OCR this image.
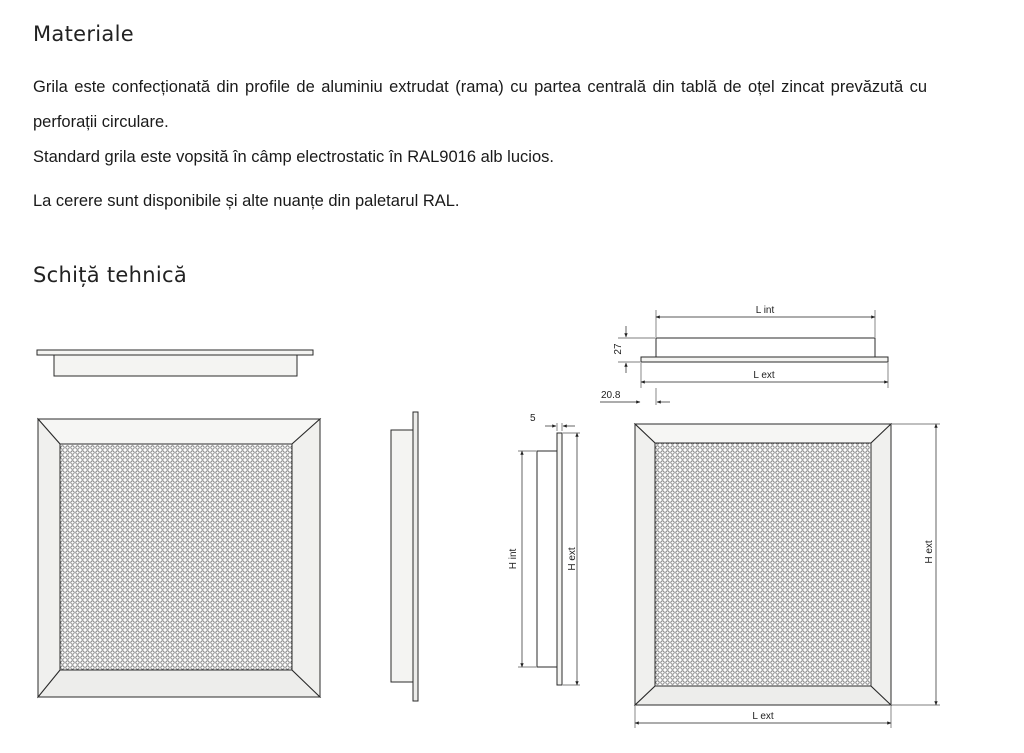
Materiale

Grila este confecționată din profile de aluminiu extrudat (rama) cu partea centrală din tablă de oțel zincat prevăzută cu perforații circulare.

Standard grila este vopsită în câmp electrostatic în RAL9016 alb lucios.

La cerere sunt disponibile și alte nuanțe din paletarul RAL.

Schiță tehnică
5
H int	H ext
L int
27
L ext
20.8
H ext
L ext
